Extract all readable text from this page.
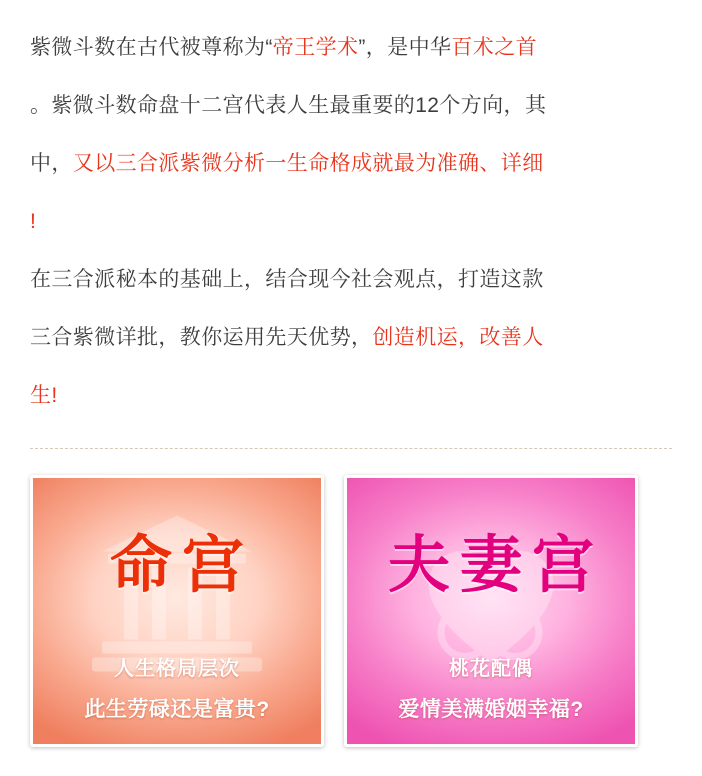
紫微斗数在古代被尊称为“帝王学术”，是中华百术之首

。紫微斗数命盘十二宫代表人生最重要的12个方向，其

中，又以三合派紫微分析一生命格成就最为准确、详细

!

在三合派秘本的基础上，结合现今社会观点，打造这款

三合紫微详批，教你运用先天优势，创造机运，改善人

生!

命宫
人生格局层次
此生劳碌还是富贵?
夫妻宫
桃花配偶
爱情美满婚姻幸福?
